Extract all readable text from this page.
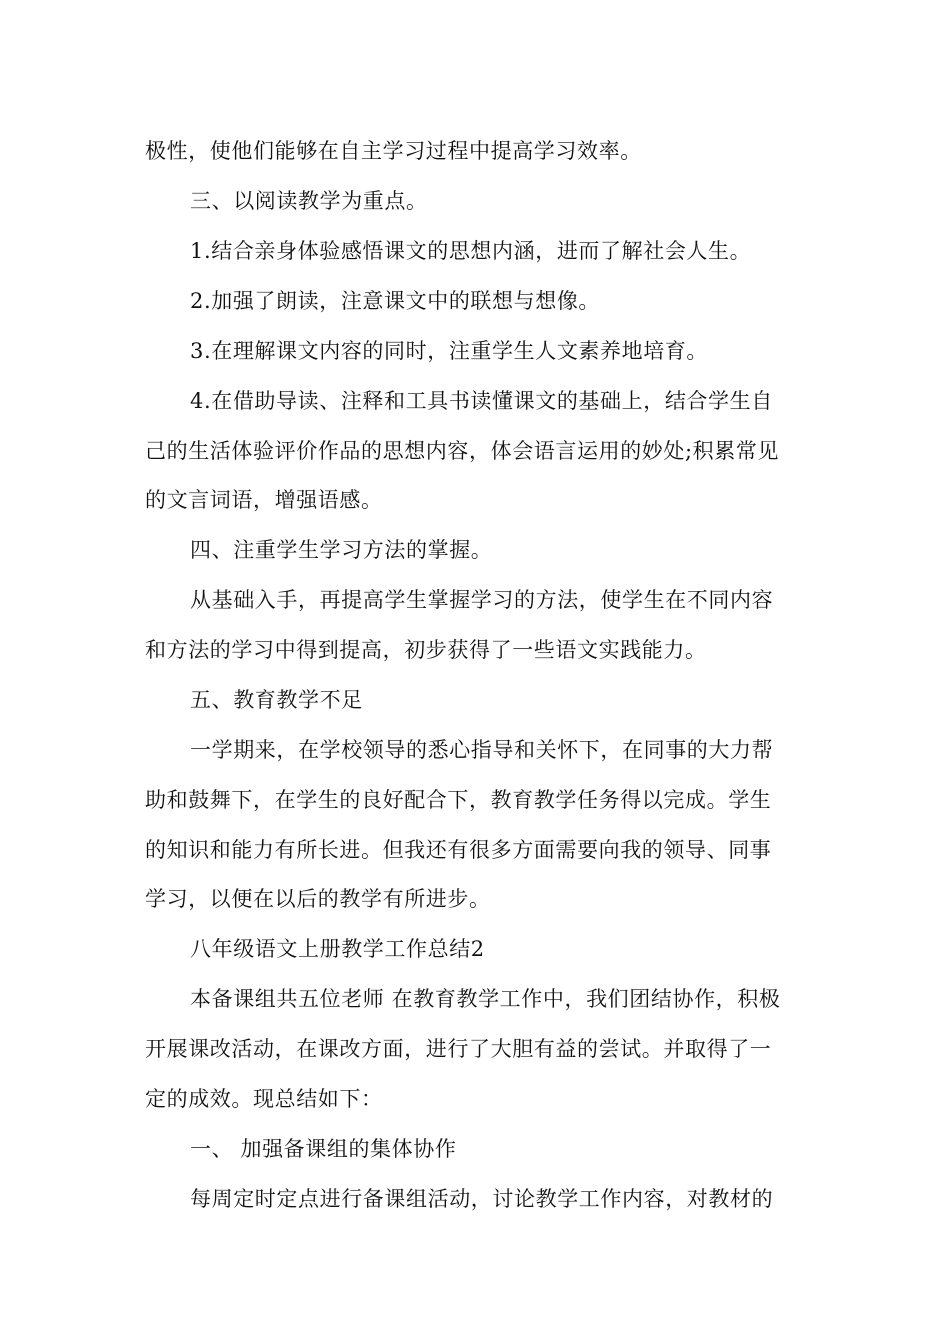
极性，使他们能够在自主学习过程中提高学习效率。
三、以阅读教学为重点。
1.结合亲身体验感悟课文的思想内涵，进而了解社会人生。
2.加强了朗读，注意课文中的联想与想像。
3.在理解课文内容的同时，注重学生人文素养地培育。
4.在借助导读、注释和工具书读懂课文的基础上，结合学生自
己的生活体验评价作品的思想内容，体会语言运用的妙处;积累常见
的文言词语，增强语感。
四、注重学生学习方法的掌握。
从基础入手，再提高学生掌握学习的方法，使学生在不同内容
和方法的学习中得到提高，初步获得了一些语文实践能力。
五、教育教学不足
一学期来，在学校领导的悉心指导和关怀下，在同事的大力帮
助和鼓舞下，在学生的良好配合下，教育教学任务得以完成。学生
的知识和能力有所长进。但我还有很多方面需要向我的领导、同事
学习，以便在以后的教学有所进步。
八年级语文上册教学工作总结2
本备课组共五位老师 在教育教学工作中，我们团结协作，积极
开展课改活动，在课改方面，进行了大胆有益的尝试。并取得了一
定的成效。现总结如下：
一、 加强备课组的集体协作
每周定时定点进行备课组活动，讨论教学工作内容，对教材的
